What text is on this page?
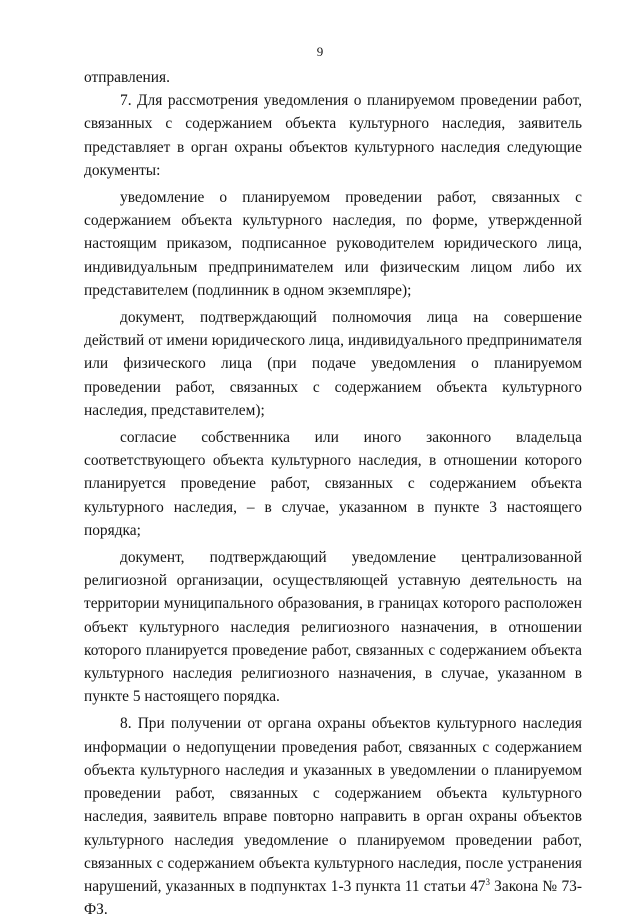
9

отправления.

7. Для рассмотрения уведомления о планируемом проведении работ, связанных с содержанием объекта культурного наследия, заявитель представляет в орган охраны объектов культурного наследия следующие документы:

уведомление о планируемом проведении работ, связанных с содержанием объекта культурного наследия, по форме, утвержденной настоящим приказом, подписанное руководителем юридического лица, индивидуальным предпринимателем или физическим лицом либо их представителем (подлинник в одном экземпляре);

документ, подтверждающий полномочия лица на совершение действий от имени юридического лица, индивидуального предпринимателя или физического лица (при подаче уведомления о планируемом проведении работ, связанных с содержанием объекта культурного наследия, представителем);

согласие собственника или иного законного владельца соответствующего объекта культурного наследия, в отношении которого планируется проведение работ, связанных с содержанием объекта культурного наследия, – в случае, указанном в пункте 3 настоящего порядка;

документ, подтверждающий уведомление централизованной религиозной организации, осуществляющей уставную деятельность на территории муниципального образования, в границах которого расположен объект культурного наследия религиозного назначения, в отношении которого планируется проведение работ, связанных с содержанием объекта культурного наследия религиозного назначения, в случае, указанном в пункте 5 настоящего порядка.

8. При получении от органа охраны объектов культурного наследия информации о недопущении проведения работ, связанных с содержанием объекта культурного наследия и указанных в уведомлении о планируемом проведении работ, связанных с содержанием объекта культурного наследия, заявитель вправе повторно направить в орган охраны объектов культурного наследия уведомление о планируемом проведении работ, связанных с содержанием объекта культурного наследия, после устранения нарушений, указанных в подпунктах 1-3 пункта 11 статьи $47^3$ Закона № 73-ФЗ.
